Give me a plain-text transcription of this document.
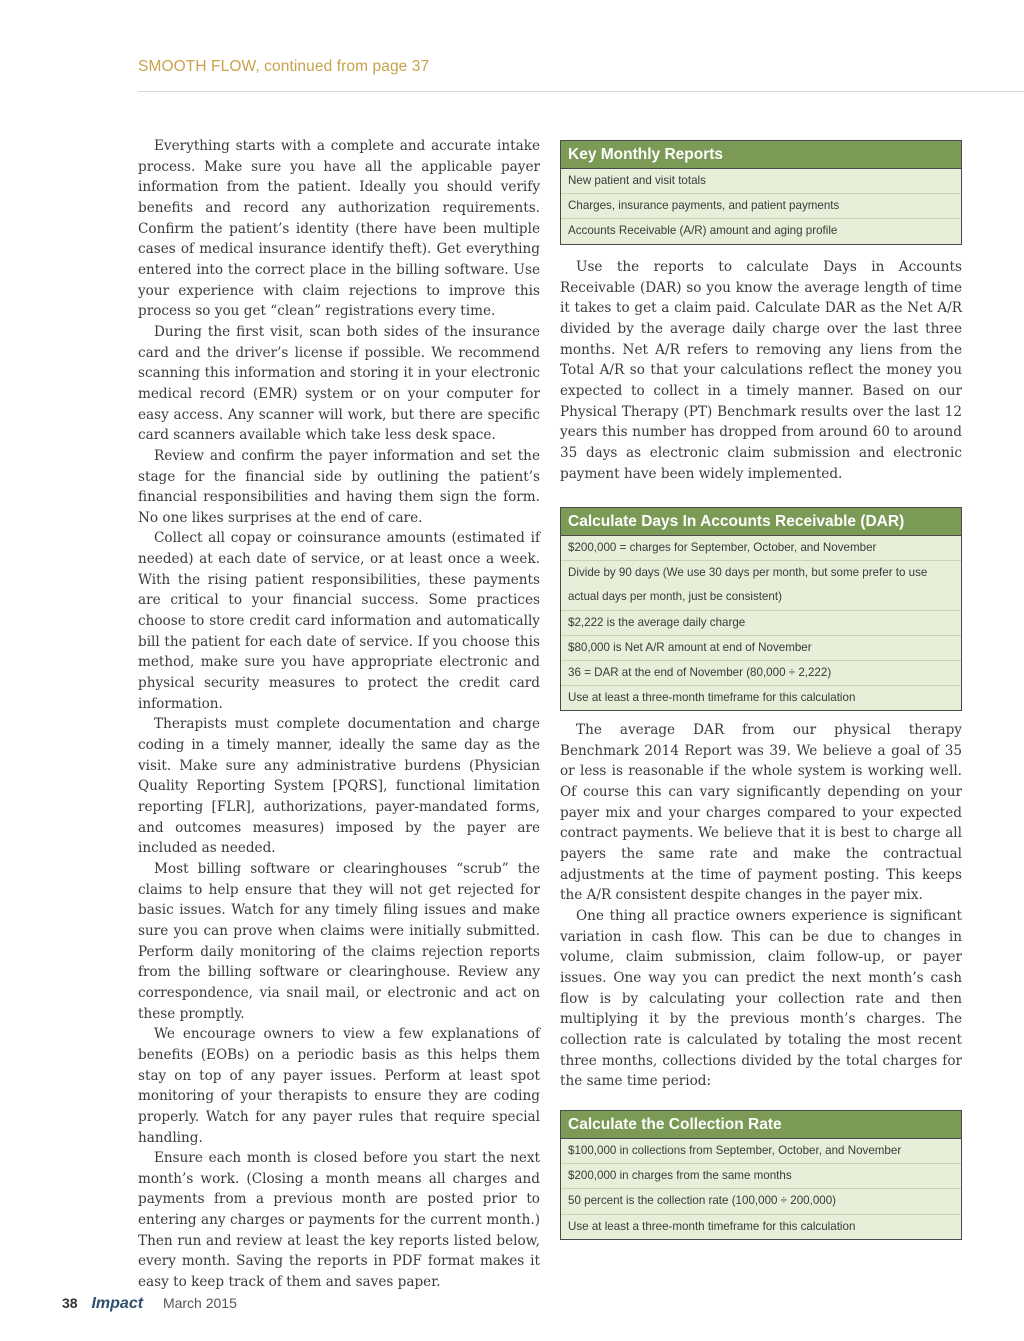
SMOOTH FLOW, continued from page 37

Everything starts with a complete and accurate intake process. Make sure you have all the applicable payer information from the patient. Ideally you should verify benefits and record any authorization requirements. Confirm the patient’s identity (there have been multiple cases of medical insurance identify theft). Get everything entered into the correct place in the billing software. Use your experience with claim rejections to improve this process so you get “clean” registrations every time.

During the first visit, scan both sides of the insurance card and the driver’s license if possible. We recommend scanning this information and storing it in your electronic medical record (EMR) system or on your computer for easy access. Any scanner will work, but there are specific card scanners available which take less desk space.

Review and confirm the payer information and set the stage for the financial side by outlining the patient’s financial responsibilities and having them sign the form. No one likes surprises at the end of care.

Collect all copay or coinsurance amounts (estimated if needed) at each date of service, or at least once a week. With the rising patient responsibilities, these payments are critical to your financial success. Some practices choose to store credit card information and automatically bill the patient for each date of service. If you choose this method, make sure you have appropriate electronic and physical security measures to protect the credit card information.

Therapists must complete documentation and charge coding in a timely manner, ideally the same day as the visit. Make sure any administrative burdens (Physician Quality Reporting System [PQRS], functional limitation reporting [FLR], authorizations, payer-mandated forms, and outcomes measures) imposed by the payer are included as needed.

Most billing software or clearinghouses “scrub” the claims to help ensure that they will not get rejected for basic issues. Watch for any timely filing issues and make sure you can prove when claims were initially submitted. Perform daily monitoring of the claims rejection reports from the billing software or clearinghouse. Review any correspondence, via snail mail, or electronic and act on these promptly.

We encourage owners to view a few explanations of benefits (EOBs) on a periodic basis as this helps them stay on top of any payer issues. Perform at least spot monitoring of your therapists to ensure they are coding properly. Watch for any payer rules that require special handling.

Ensure each month is closed before you start the next month’s work. (Closing a month means all charges and payments from a previous month are posted prior to entering any charges or payments for the current month.) Then run and review at least the key reports listed below, every month. Saving the reports in PDF format makes it easy to keep track of them and saves paper.

Key Monthly Reports
New patient and visit totals
Charges, insurance payments, and patient payments
Accounts Receivable (A/R) amount and aging profile

Use the reports to calculate Days in Accounts Receivable (DAR) so you know the average length of time it takes to get a claim paid. Calculate DAR as the Net A/R divided by the average daily charge over the last three months. Net A/R refers to removing any liens from the Total A/R so that your calculations reflect the money you expected to collect in a timely manner. Based on our Physical Therapy (PT) Benchmark results over the last 12 years this number has dropped from around 60 to around 35 days as electronic claim submission and electronic payment have been widely implemented.

Calculate Days In Accounts Receivable (DAR)
$200,000 = charges for September, October, and November
Divide by 90 days (We use 30 days per month, but some prefer to use
actual days per month, just be consistent)
$2,222 is the average daily charge
$80,000 is Net A/R amount at end of November
36 = DAR at the end of November (80,000 ÷ 2,222)
Use at least a three-month timeframe for this calculation

The average DAR from our physical therapy Benchmark 2014 Report was 39. We believe a goal of 35 or less is reasonable if the whole system is working well. Of course this can vary significantly depending on your payer mix and your charges compared to your expected contract payments. We believe that it is best to charge all payers the same rate and make the contractual adjustments at the time of payment posting. This keeps the A/R consistent despite changes in the payer mix.

One thing all practice owners experience is significant variation in cash flow. This can be due to changes in volume, claim submission, claim follow-up, or payer issues. One way you can predict the next month’s cash flow is by calculating your collection rate and then multiplying it by the previous month’s charges. The collection rate is calculated by totaling the most recent three months, collections divided by the total charges for the same time period:

Calculate the Collection Rate
$100,000 in collections from September, October, and November
$200,000 in charges from the same months
50 percent is the collection rate (100,000 ÷ 200,000)
Use at least a three-month timeframe for this calculation
38 Impact March 2015
